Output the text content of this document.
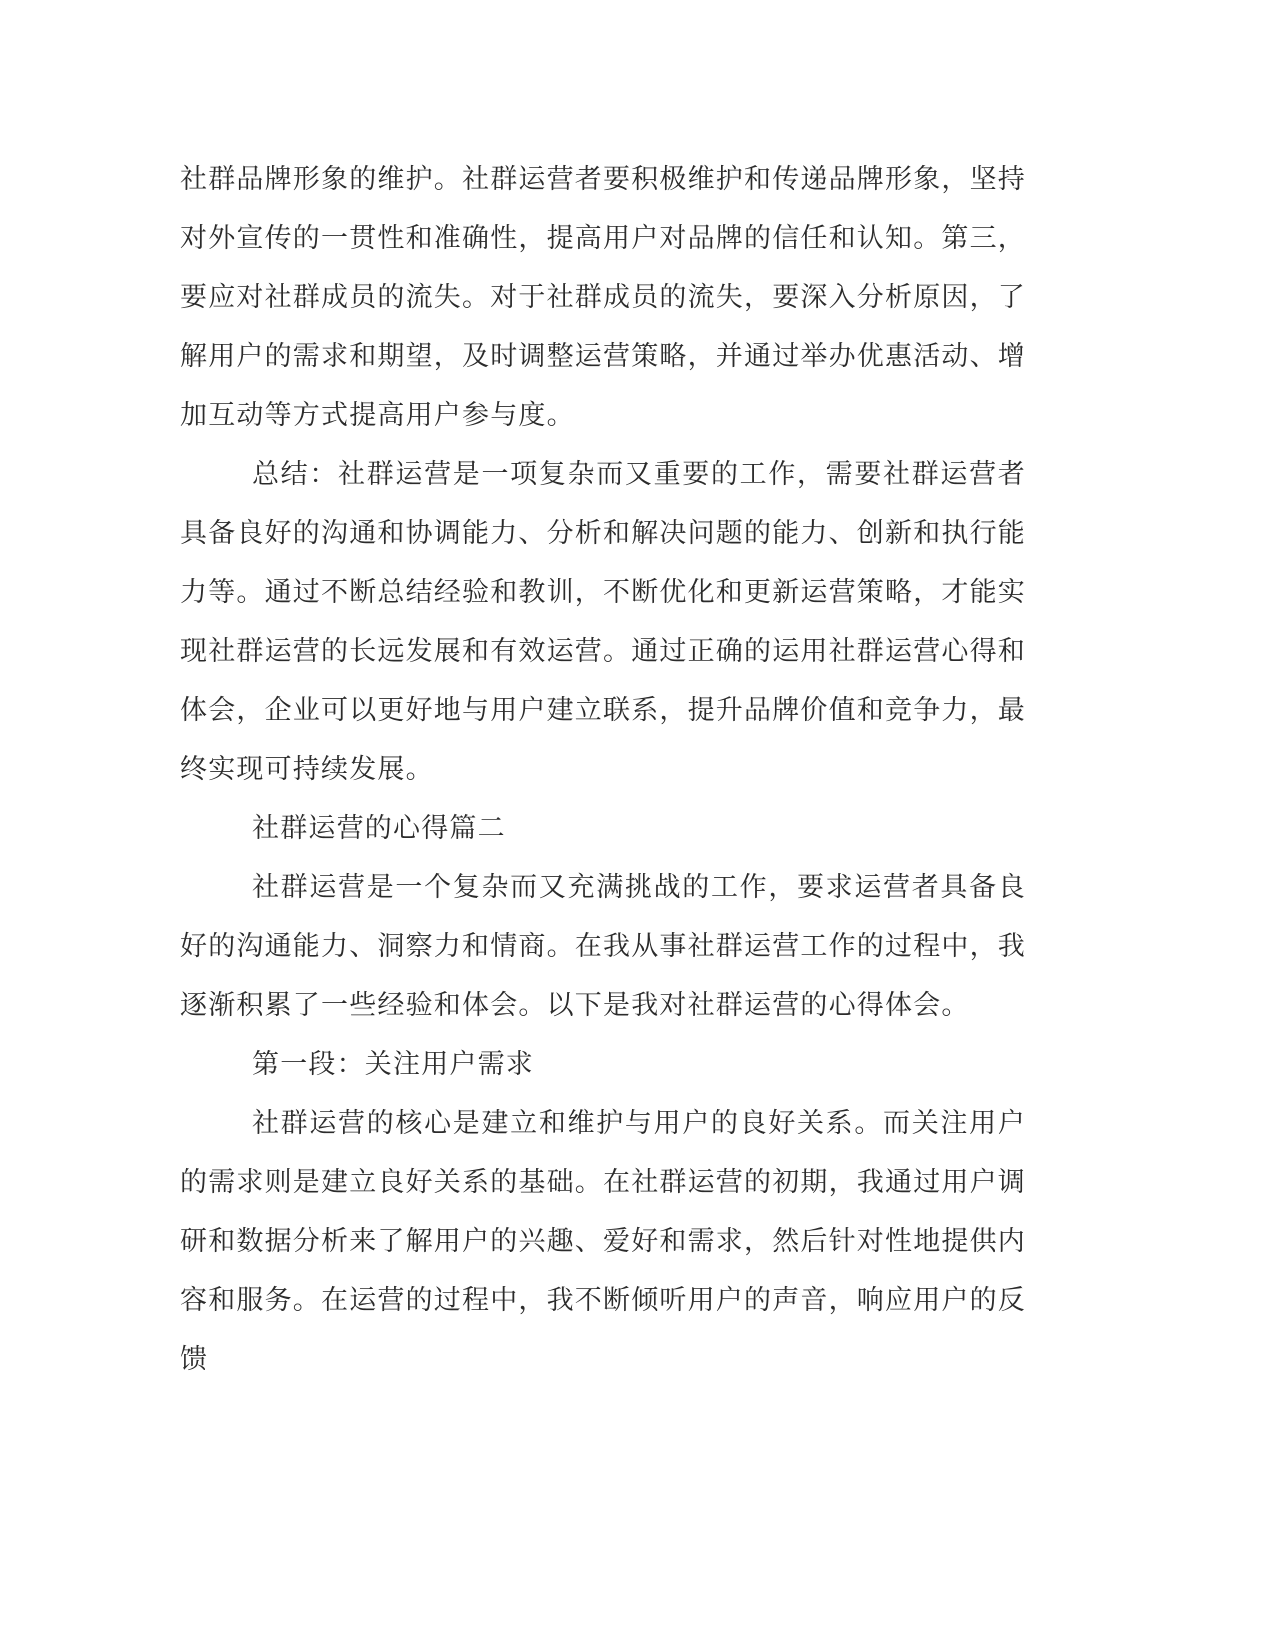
社群品牌形象的维护。社群运营者要积极维护和传递品牌形象，坚持对外宣传的一贯性和准确性，提高用户对品牌的信任和认知。第三，要应对社群成员的流失。对于社群成员的流失，要深入分析原因，了解用户的需求和期望，及时调整运营策略，并通过举办优惠活动、增加互动等方式提高用户参与度。

总结：社群运营是一项复杂而又重要的工作，需要社群运营者具备良好的沟通和协调能力、分析和解决问题的能力、创新和执行能力等。通过不断总结经验和教训，不断优化和更新运营策略，才能实现社群运营的长远发展和有效运营。通过正确的运用社群运营心得和体会，企业可以更好地与用户建立联系，提升品牌价值和竞争力，最终实现可持续发展。

社群运营的心得篇二

社群运营是一个复杂而又充满挑战的工作，要求运营者具备良好的沟通能力、洞察力和情商。在我从事社群运营工作的过程中，我逐渐积累了一些经验和体会。以下是我对社群运营的心得体会。

第一段：关注用户需求

社群运营的核心是建立和维护与用户的良好关系。而关注用户的需求则是建立良好关系的基础。在社群运营的初期，我通过用户调研和数据分析来了解用户的兴趣、爱好和需求，然后针对性地提供内容和服务。在运营的过程中，我不断倾听用户的声音，响应用户的反馈
